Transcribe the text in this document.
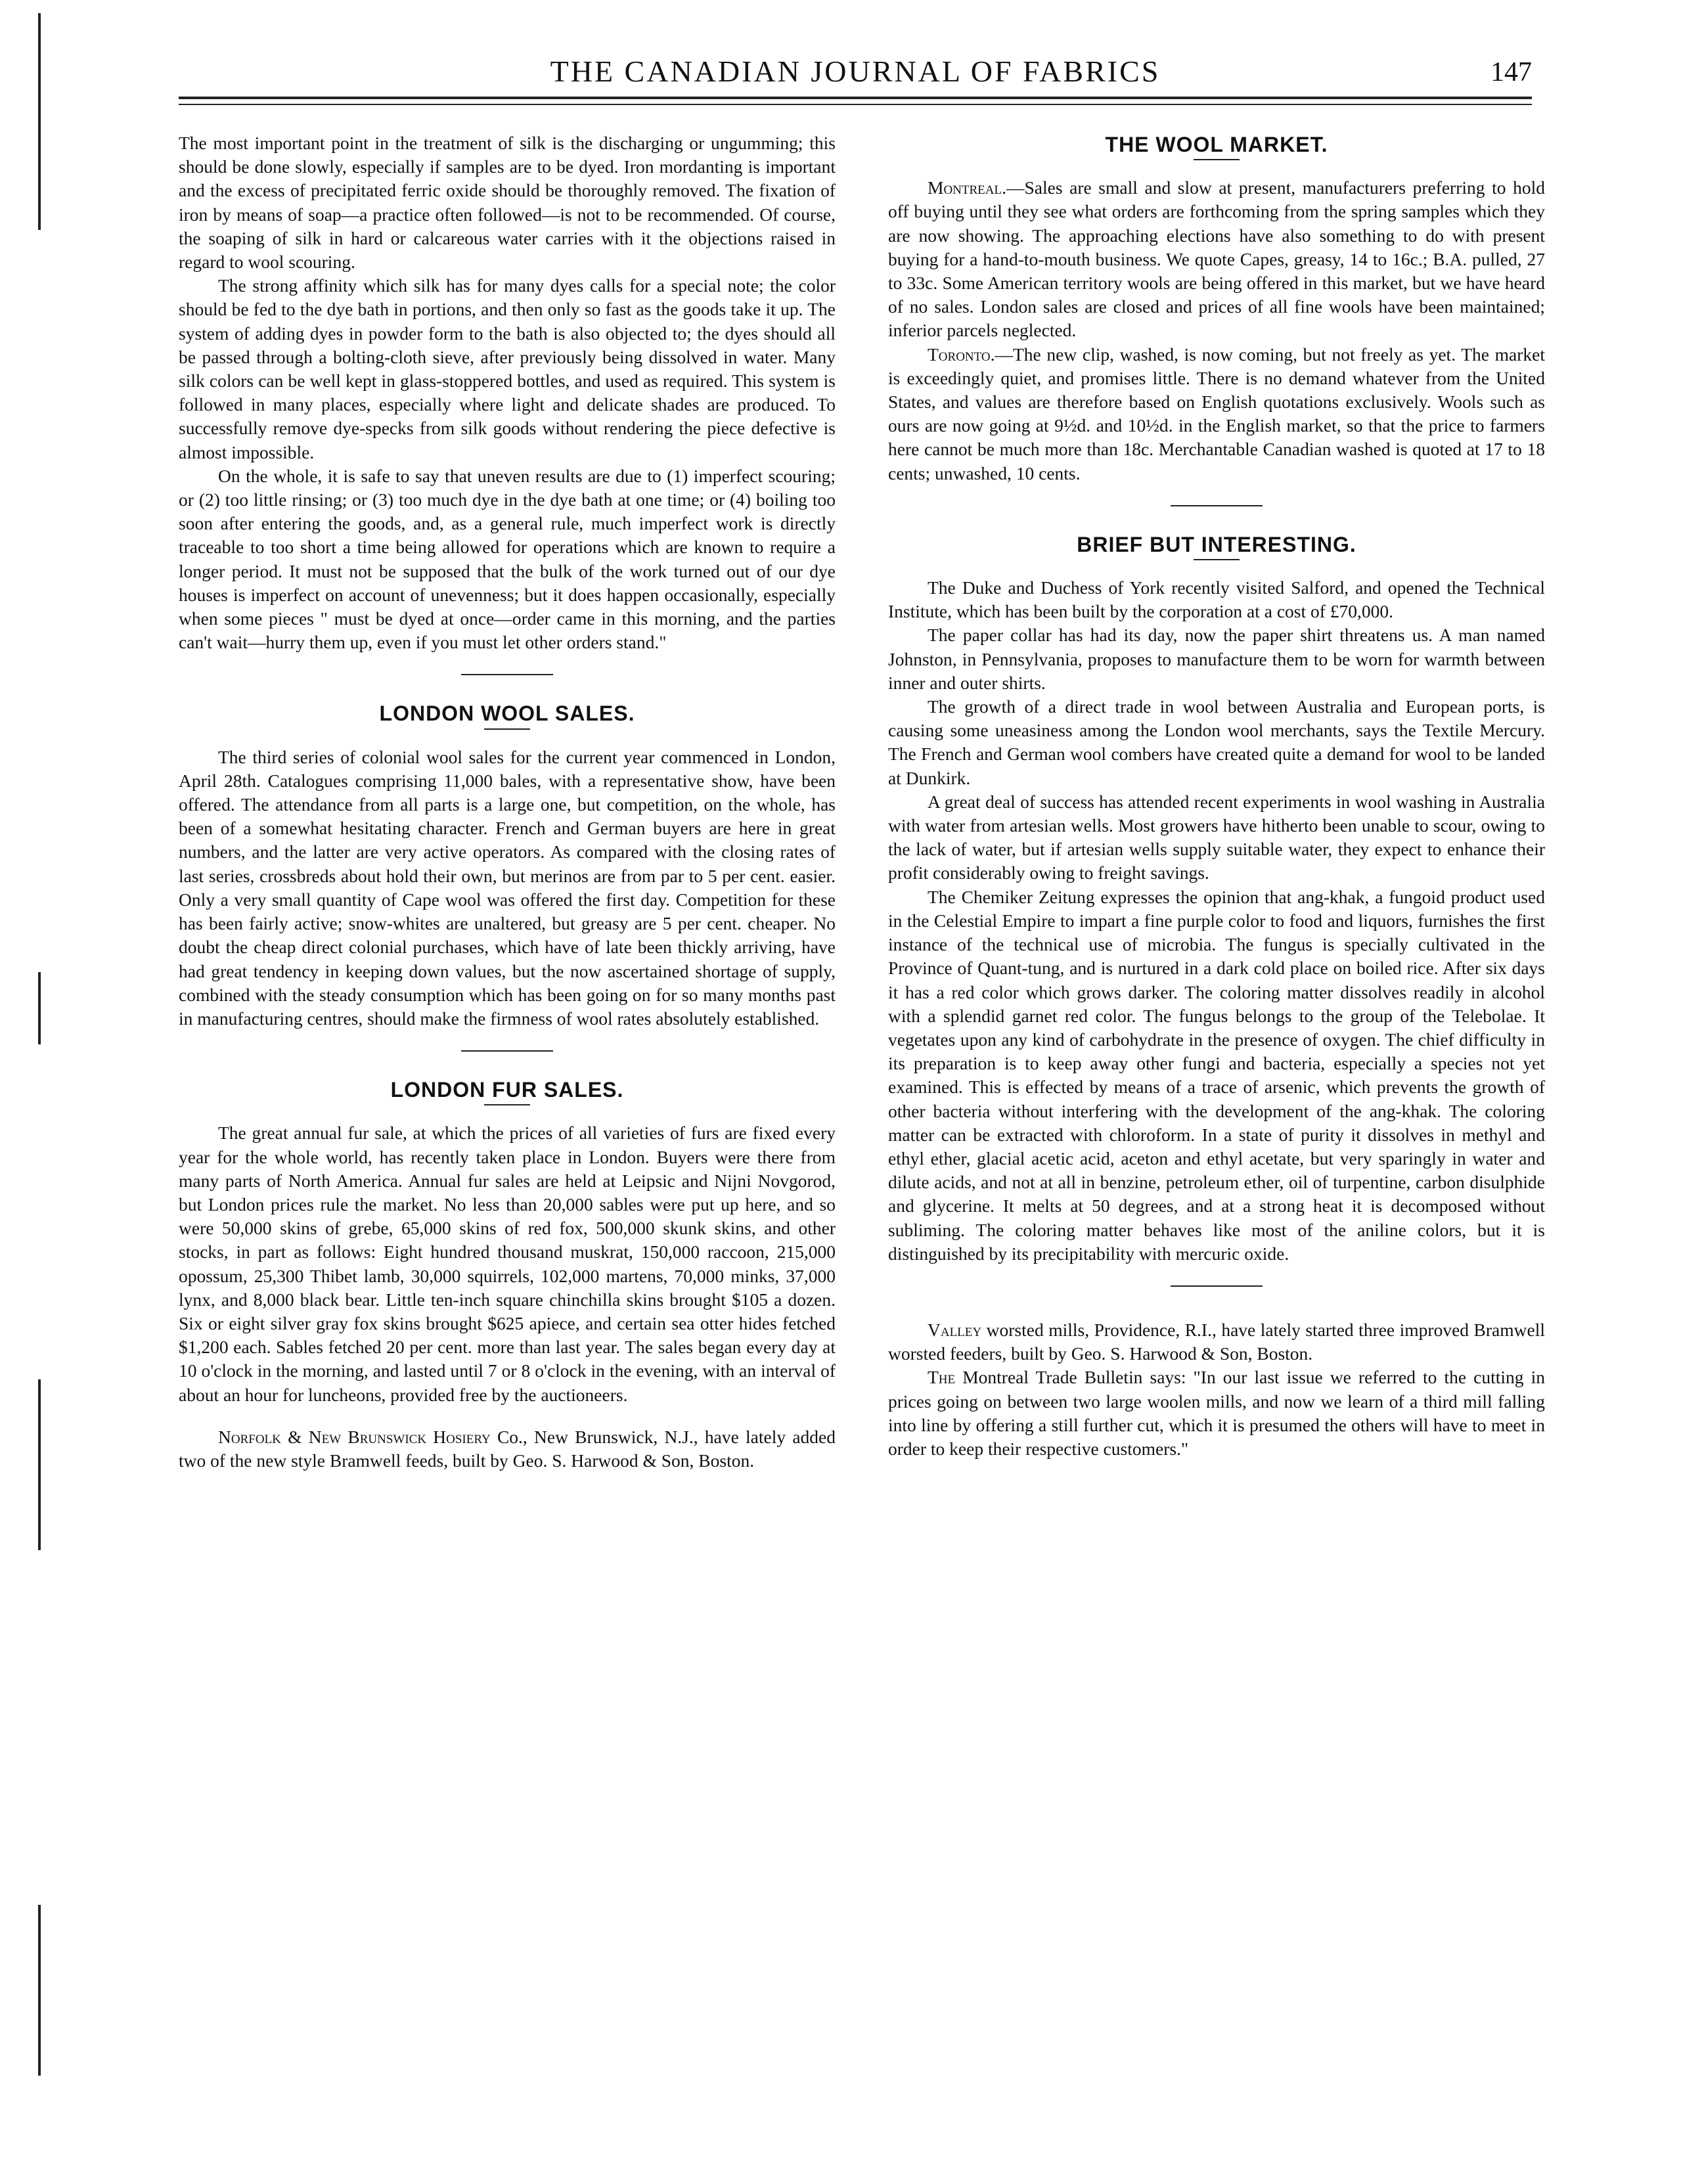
THE CANADIAN JOURNAL OF FABRICS	147

The most important point in the treatment of silk is the discharging or ungumming; this should be done slowly, especially if samples are to be dyed. Iron mordanting is important and the excess of precipitated ferric oxide should be thoroughly removed. The fixation of iron by means of soap—a practice often followed—is not to be recommended. Of course, the soaping of silk in hard or calcareous water carries with it the objections raised in regard to wool scouring.

The strong affinity which silk has for many dyes calls for a special note; the color should be fed to the dye bath in portions, and then only so fast as the goods take it up. The system of adding dyes in powder form to the bath is also objected to; the dyes should all be passed through a bolting-cloth sieve, after previously being dissolved in water. Many silk colors can be well kept in glass-stoppered bottles, and used as required. This system is followed in many places, especially where light and delicate shades are produced. To successfully remove dye-specks from silk goods without rendering the piece defective is almost impossible.

On the whole, it is safe to say that uneven results are due to (1) imperfect scouring; or (2) too little rinsing; or (3) too much dye in the dye bath at one time; or (4) boiling too soon after entering the goods, and, as a general rule, much imperfect work is directly traceable to too short a time being allowed for operations which are known to require a longer period. It must not be supposed that the bulk of the work turned out of our dye houses is imperfect on account of unevenness; but it does happen occasionally, especially when some pieces " must be dyed at once—order came in this morning, and the parties can't wait—hurry them up, even if you must let other orders stand."

LONDON WOOL SALES.

The third series of colonial wool sales for the current year commenced in London, April 28th. Catalogues comprising 11,000 bales, with a representative show, have been offered. The attendance from all parts is a large one, but competition, on the whole, has been of a somewhat hesitating character. French and German buyers are here in great numbers, and the latter are very active operators. As compared with the closing rates of last series, crossbreds about hold their own, but merinos are from par to 5 per cent. easier. Only a very small quantity of Cape wool was offered the first day. Competition for these has been fairly active; snow-whites are unaltered, but greasy are 5 per cent. cheaper. No doubt the cheap direct colonial purchases, which have of late been thickly arriving, have had great tendency in keeping down values, but the now ascertained shortage of supply, combined with the steady consumption which has been going on for so many months past in manufacturing centres, should make the firmness of wool rates absolutely established.

LONDON FUR SALES.

The great annual fur sale, at which the prices of all varieties of furs are fixed every year for the whole world, has recently taken place in London. Buyers were there from many parts of North America. Annual fur sales are held at Leipsic and Nijni Novgorod, but London prices rule the market. No less than 20,000 sables were put up here, and so were 50,000 skins of grebe, 65,000 skins of red fox, 500,000 skunk skins, and other stocks, in part as follows: Eight hundred thousand muskrat, 150,000 raccoon, 215,000 opossum, 25,300 Thibet lamb, 30,000 squirrels, 102,000 martens, 70,000 minks, 37,000 lynx, and 8,000 black bear. Little ten-inch square chinchilla skins brought $105 a dozen. Six or eight silver gray fox skins brought $625 apiece, and certain sea otter hides fetched $1,200 each. Sables fetched 20 per cent. more than last year. The sales began every day at 10 o'clock in the morning, and lasted until 7 or 8 o'clock in the evening, with an interval of about an hour for luncheons, provided free by the auctioneers.

Norfolk & New Brunswick Hosiery Co., New Brunswick, N.J., have lately added two of the new style Bramwell feeds, built by Geo. S. Harwood & Son, Boston.

THE WOOL MARKET.

Montreal.—Sales are small and slow at present, manufacturers preferring to hold off buying until they see what orders are forthcoming from the spring samples which they are now showing. The approaching elections have also something to do with present buying for a hand-to-mouth business. We quote Capes, greasy, 14 to 16c.; B.A. pulled, 27 to 33c. Some American territory wools are being offered in this market, but we have heard of no sales. London sales are closed and prices of all fine wools have been maintained; inferior parcels neglected.

Toronto.—The new clip, washed, is now coming, but not freely as yet. The market is exceedingly quiet, and promises little. There is no demand whatever from the United States, and values are therefore based on English quotations exclusively. Wools such as ours are now going at 9½d. and 10½d. in the English market, so that the price to farmers here cannot be much more than 18c. Merchantable Canadian washed is quoted at 17 to 18 cents; unwashed, 10 cents.

BRIEF BUT INTERESTING.

The Duke and Duchess of York recently visited Salford, and opened the Technical Institute, which has been built by the corporation at a cost of £70,000.

The paper collar has had its day, now the paper shirt threatens us. A man named Johnston, in Pennsylvania, proposes to manufacture them to be worn for warmth between inner and outer shirts.

The growth of a direct trade in wool between Australia and European ports, is causing some uneasiness among the London wool merchants, says the Textile Mercury. The French and German wool combers have created quite a demand for wool to be landed at Dunkirk.

A great deal of success has attended recent experiments in wool washing in Australia with water from artesian wells. Most growers have hitherto been unable to scour, owing to the lack of water, but if artesian wells supply suitable water, they expect to enhance their profit considerably owing to freight savings.

The Chemiker Zeitung expresses the opinion that ang-khak, a fungoid product used in the Celestial Empire to impart a fine purple color to food and liquors, furnishes the first instance of the technical use of microbia. The fungus is specially cultivated in the Province of Quant-tung, and is nurtured in a dark cold place on boiled rice. After six days it has a red color which grows darker. The coloring matter dissolves readily in alcohol with a splendid garnet red color. The fungus belongs to the group of the Telebolae. It vegetates upon any kind of carbohydrate in the presence of oxygen. The chief difficulty in its preparation is to keep away other fungi and bacteria, especially a species not yet examined. This is effected by means of a trace of arsenic, which prevents the growth of other bacteria without interfering with the development of the ang-khak. The coloring matter can be extracted with chloroform. In a state of purity it dissolves in methyl and ethyl ether, glacial acetic acid, aceton and ethyl acetate, but very sparingly in water and dilute acids, and not at all in benzine, petroleum ether, oil of turpentine, carbon disulphide and glycerine. It melts at 50 degrees, and at a strong heat it is decomposed without subliming. The coloring matter behaves like most of the aniline colors, but it is distinguished by its precipitability with mercuric oxide.

Valley worsted mills, Providence, R.I., have lately started three improved Bramwell worsted feeders, built by Geo. S. Harwood & Son, Boston.

The Montreal Trade Bulletin says: "In our last issue we referred to the cutting in prices going on between two large woolen mills, and now we learn of a third mill falling into line by offering a still further cut, which it is presumed the others will have to meet in order to keep their respective customers."
